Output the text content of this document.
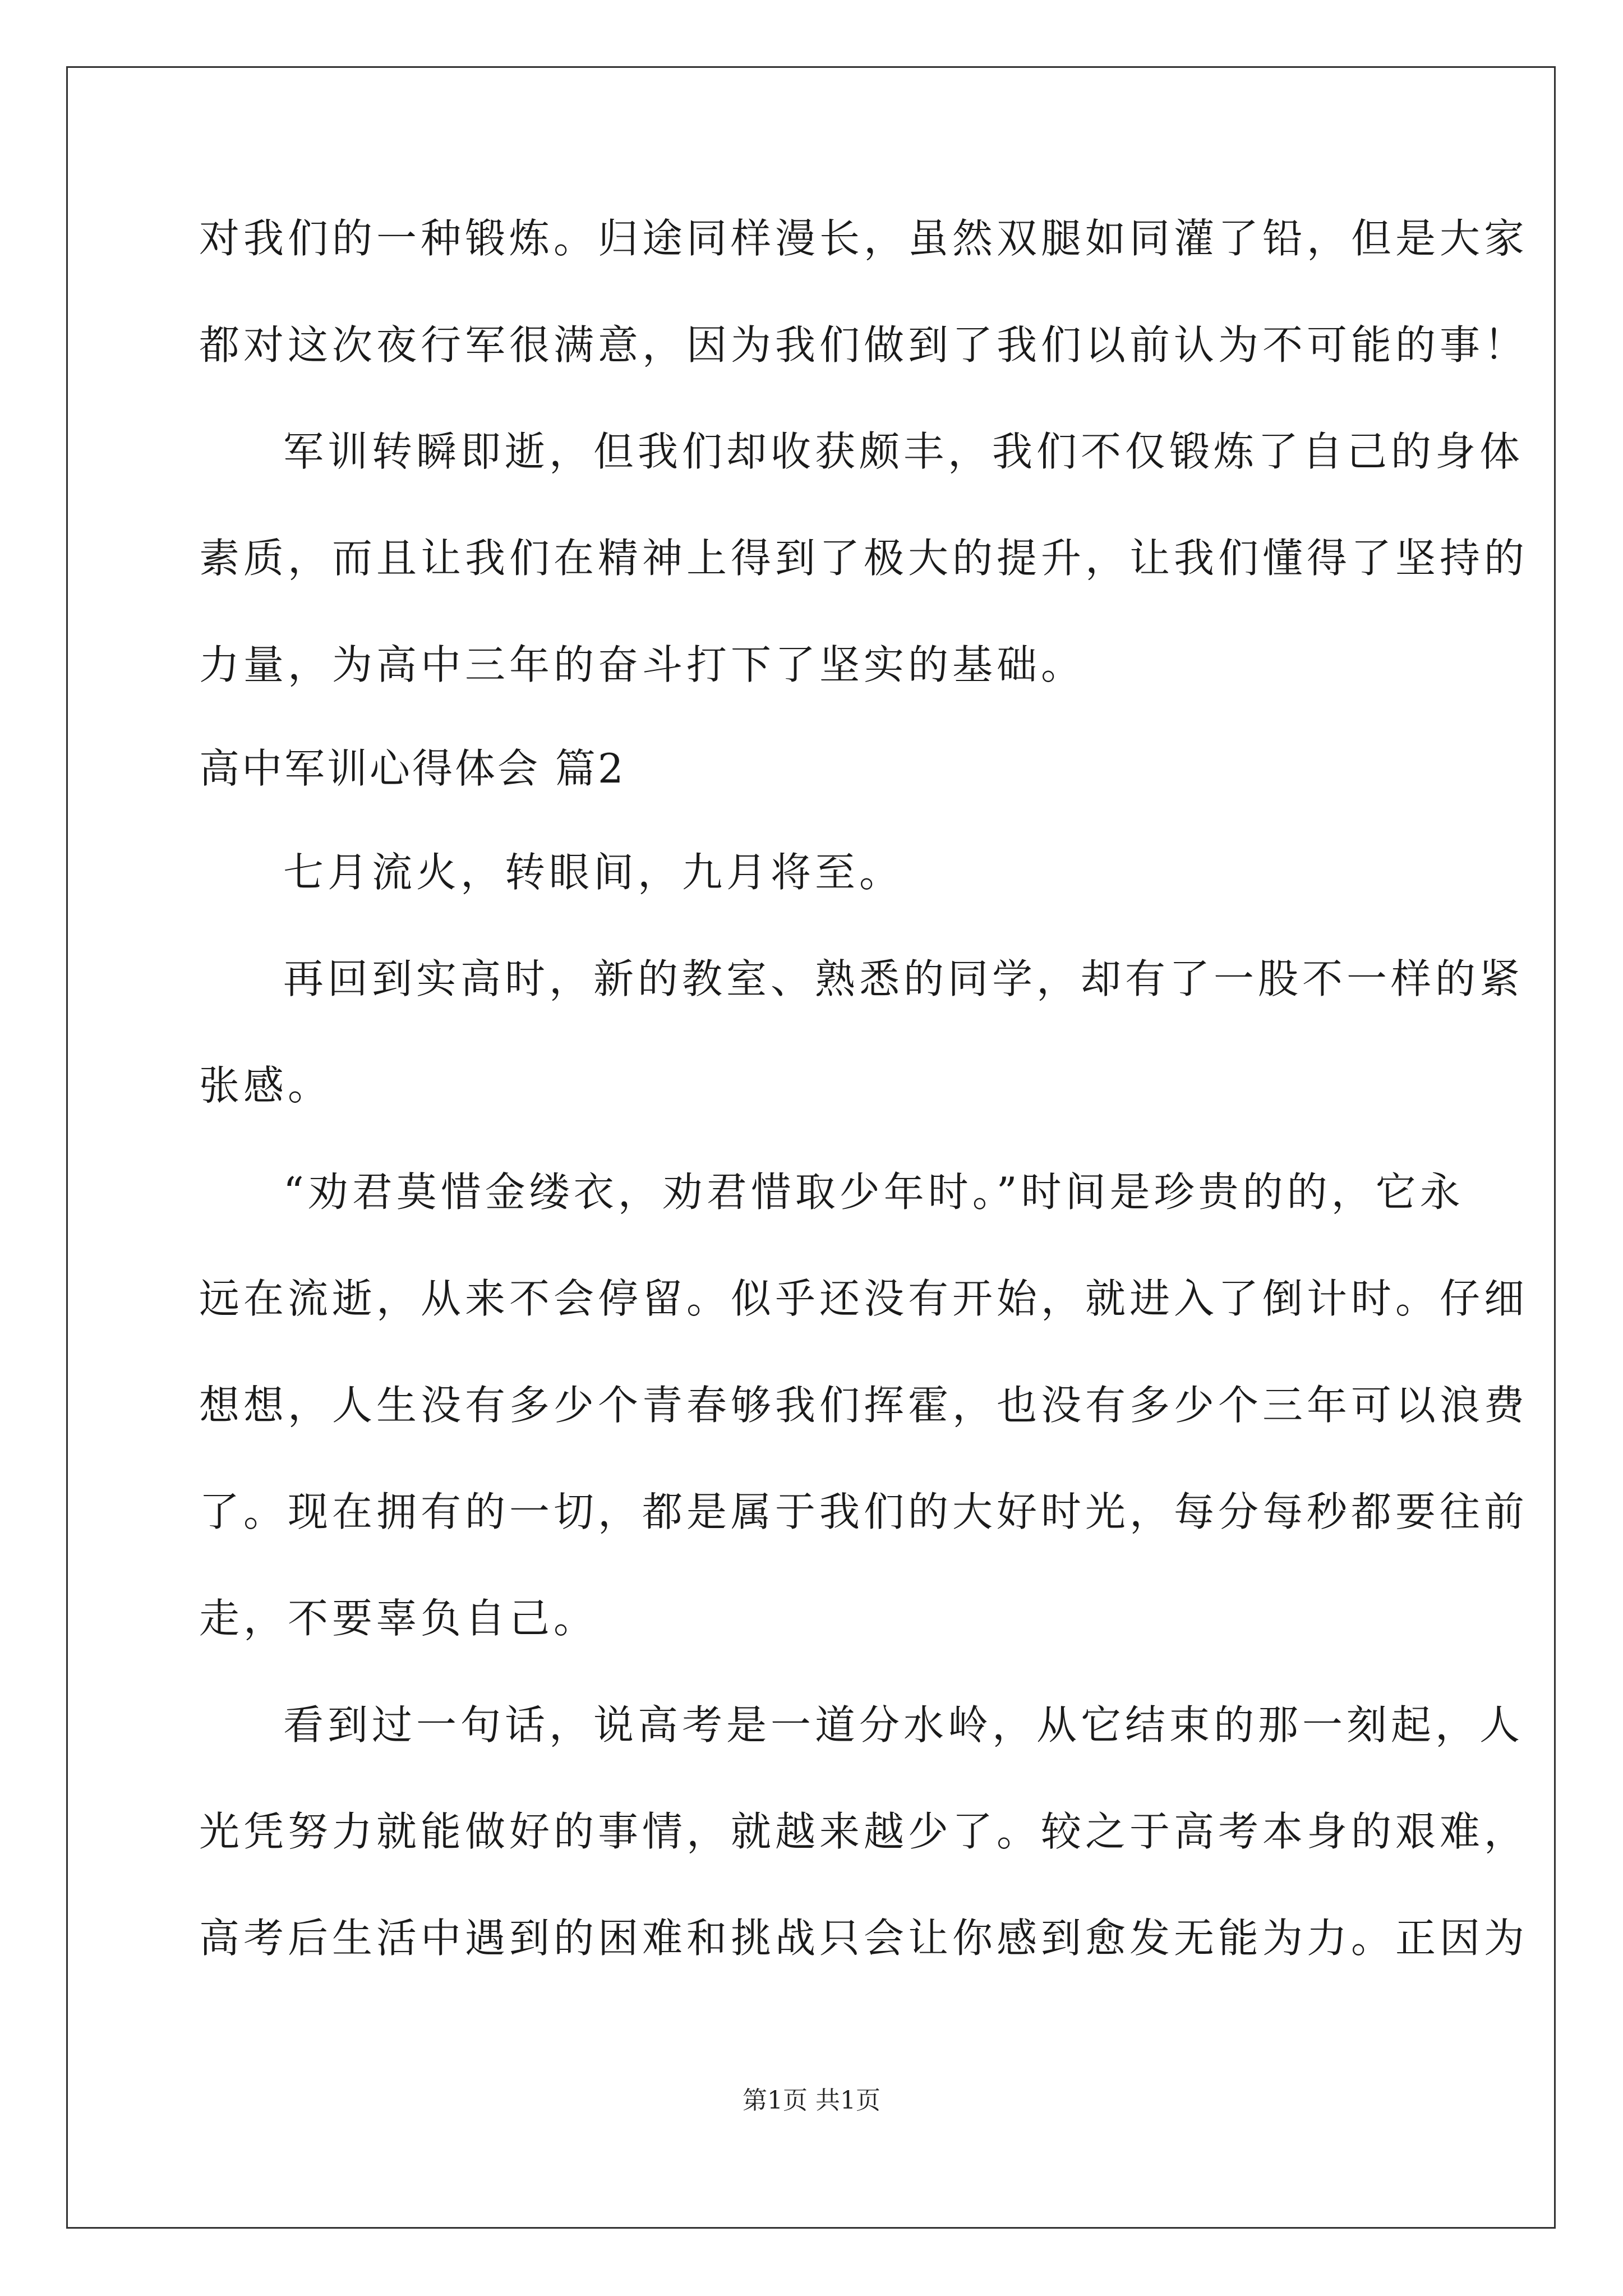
对我们的一种锻炼。归途同样漫长，虽然双腿如同灌了铅，但是大家
都对这次夜行军很满意，因为我们做到了我们以前认为不可能的事！
军训转瞬即逝，但我们却收获颇丰，我们不仅锻炼了自己的身体
素质，而且让我们在精神上得到了极大的提升，让我们懂得了坚持的
力量，为高中三年的奋斗打下了坚实的基础。
高中军训心得体会 篇2
七月流火，转眼间，九月将至。
再回到实高时，新的教室、熟悉的同学，却有了一股不一样的紧
张感。
“劝君莫惜金缕衣，劝君惜取少年时。”时间是珍贵的的，它永
远在流逝，从来不会停留。似乎还没有开始，就进入了倒计时。仔细
想想，人生没有多少个青春够我们挥霍，也没有多少个三年可以浪费
了。现在拥有的一切，都是属于我们的大好时光，每分每秒都要往前
走，不要辜负自己。
看到过一句话，说高考是一道分水岭，从它结束的那一刻起，人
光凭努力就能做好的事情，就越来越少了。较之于高考本身的艰难，
高考后生活中遇到的困难和挑战只会让你感到愈发无能为力。正因为
第1页 共1页
